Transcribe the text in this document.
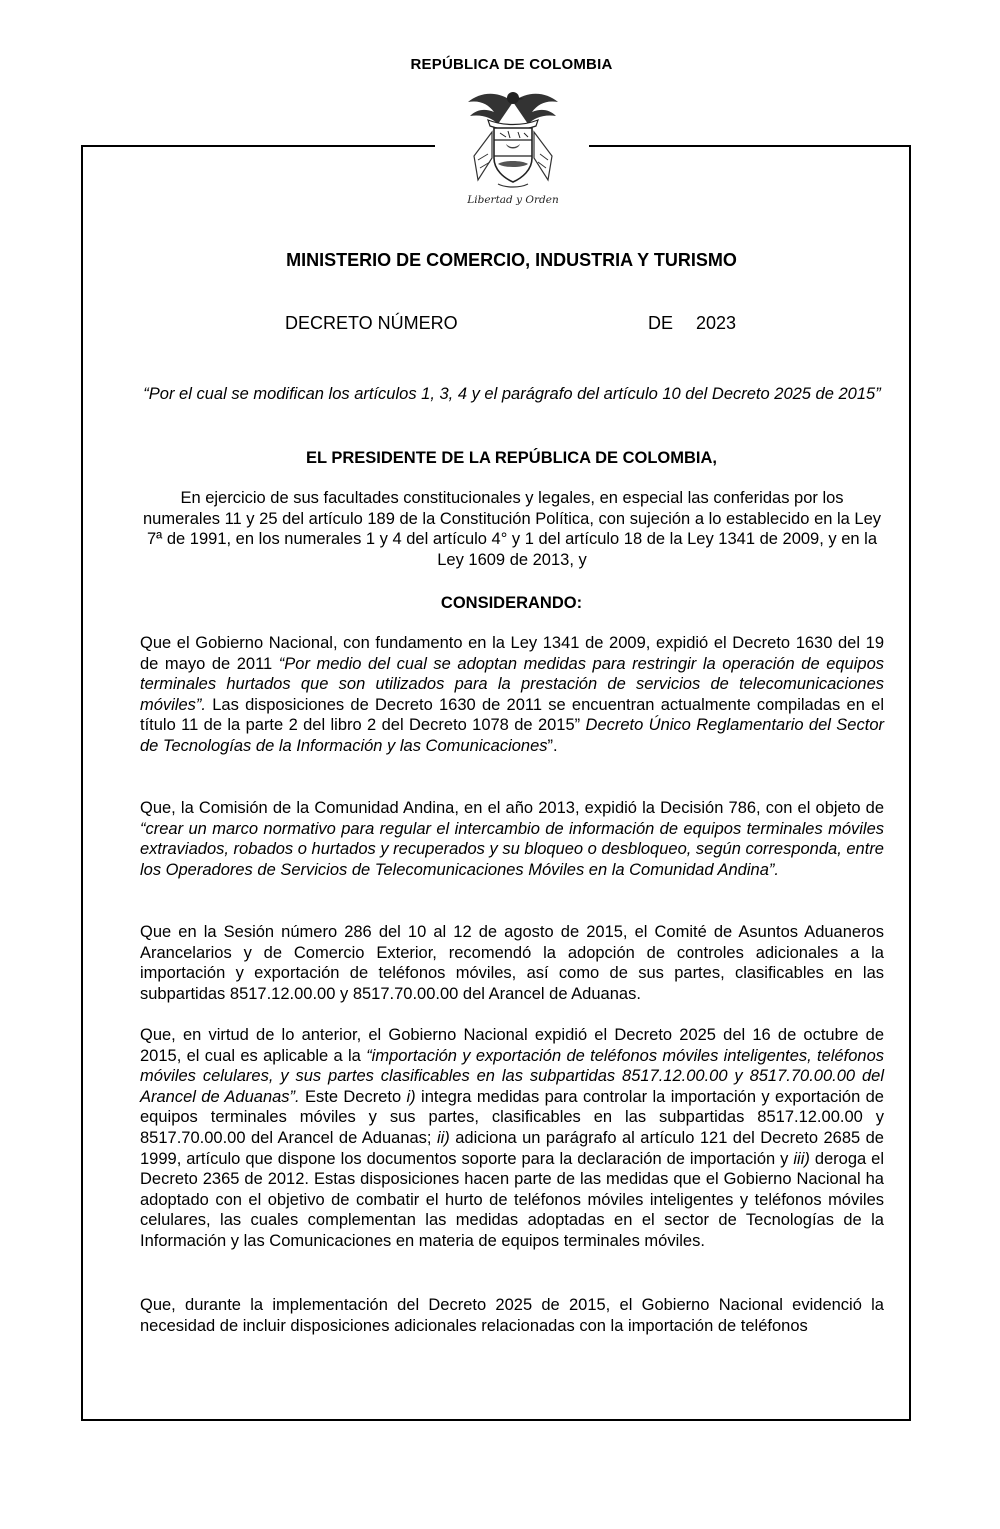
REPÚBLICA DE COLOMBIA
Libertad y Orden
MINISTERIO DE COMERCIO, INDUSTRIA Y TURISMO
DECRETO NÚMERO	DE 2023
“Por el cual se modifican los artículos 1, 3, 4 y el parágrafo del artículo 10 del Decreto 2025 de 2015”
EL PRESIDENTE DE LA REPÚBLICA DE COLOMBIA,
En ejercicio de sus facultades constitucionales y legales, en especial las conferidas por los numerales 11 y 25 del artículo 189 de la Constitución Política, con sujeción a lo establecido en la Ley 7ª de 1991, en los numerales 1 y 4 del artículo 4° y 1 del artículo 18 de la Ley 1341 de 2009, y en la Ley 1609 de 2013, y
CONSIDERANDO:
Que el Gobierno Nacional, con fundamento en la Ley 1341 de 2009, expidió el Decreto 1630 del 19 de mayo de 2011 “Por medio del cual se adoptan medidas para restringir la operación de equipos terminales hurtados que son utilizados para la prestación de servicios de telecomunicaciones móviles”. Las disposiciones de Decreto 1630 de 2011 se encuentran actualmente compiladas en el título 11 de la parte 2 del libro 2 del Decreto 1078 de 2015” Decreto Único Reglamentario del Sector de Tecnologías de la Información y las Comunicaciones”.
Que, la Comisión de la Comunidad Andina, en el año 2013, expidió la Decisión 786, con el objeto de “crear un marco normativo para regular el intercambio de información de equipos terminales móviles extraviados, robados o hurtados y recuperados y su bloqueo o desbloqueo, según corresponda, entre los Operadores de Servicios de Telecomunicaciones Móviles en la Comunidad Andina”.
Que en la Sesión número 286 del 10 al 12 de agosto de 2015, el Comité de Asuntos Aduaneros Arancelarios y de Comercio Exterior, recomendó la adopción de controles adicionales a la importación y exportación de teléfonos móviles, así como de sus partes, clasificables en las subpartidas 8517.12.00.00 y 8517.70.00.00 del Arancel de Aduanas.
Que, en virtud de lo anterior, el Gobierno Nacional expidió el Decreto 2025 del 16 de octubre de 2015, el cual es aplicable a la “importación y exportación de teléfonos móviles inteligentes, teléfonos móviles celulares, y sus partes clasificables en las subpartidas 8517.12.00.00 y 8517.70.00.00 del Arancel de Aduanas”. Este Decreto i) integra medidas para controlar la importación y exportación de equipos terminales móviles y sus partes, clasificables en las subpartidas 8517.12.00.00 y 8517.70.00.00 del Arancel de Aduanas; ii) adiciona un parágrafo al artículo 121 del Decreto 2685 de 1999, artículo que dispone los documentos soporte para la declaración de importación y iii) deroga el Decreto 2365 de 2012. Estas disposiciones hacen parte de las medidas que el Gobierno Nacional ha adoptado con el objetivo de combatir el hurto de teléfonos móviles inteligentes y teléfonos móviles celulares, las cuales complementan las medidas adoptadas en el sector de Tecnologías de la Información y las Comunicaciones en materia de equipos terminales móviles.
Que, durante la implementación del Decreto 2025 de 2015, el Gobierno Nacional evidenció la necesidad de incluir disposiciones adicionales relacionadas con la importación de teléfonos
